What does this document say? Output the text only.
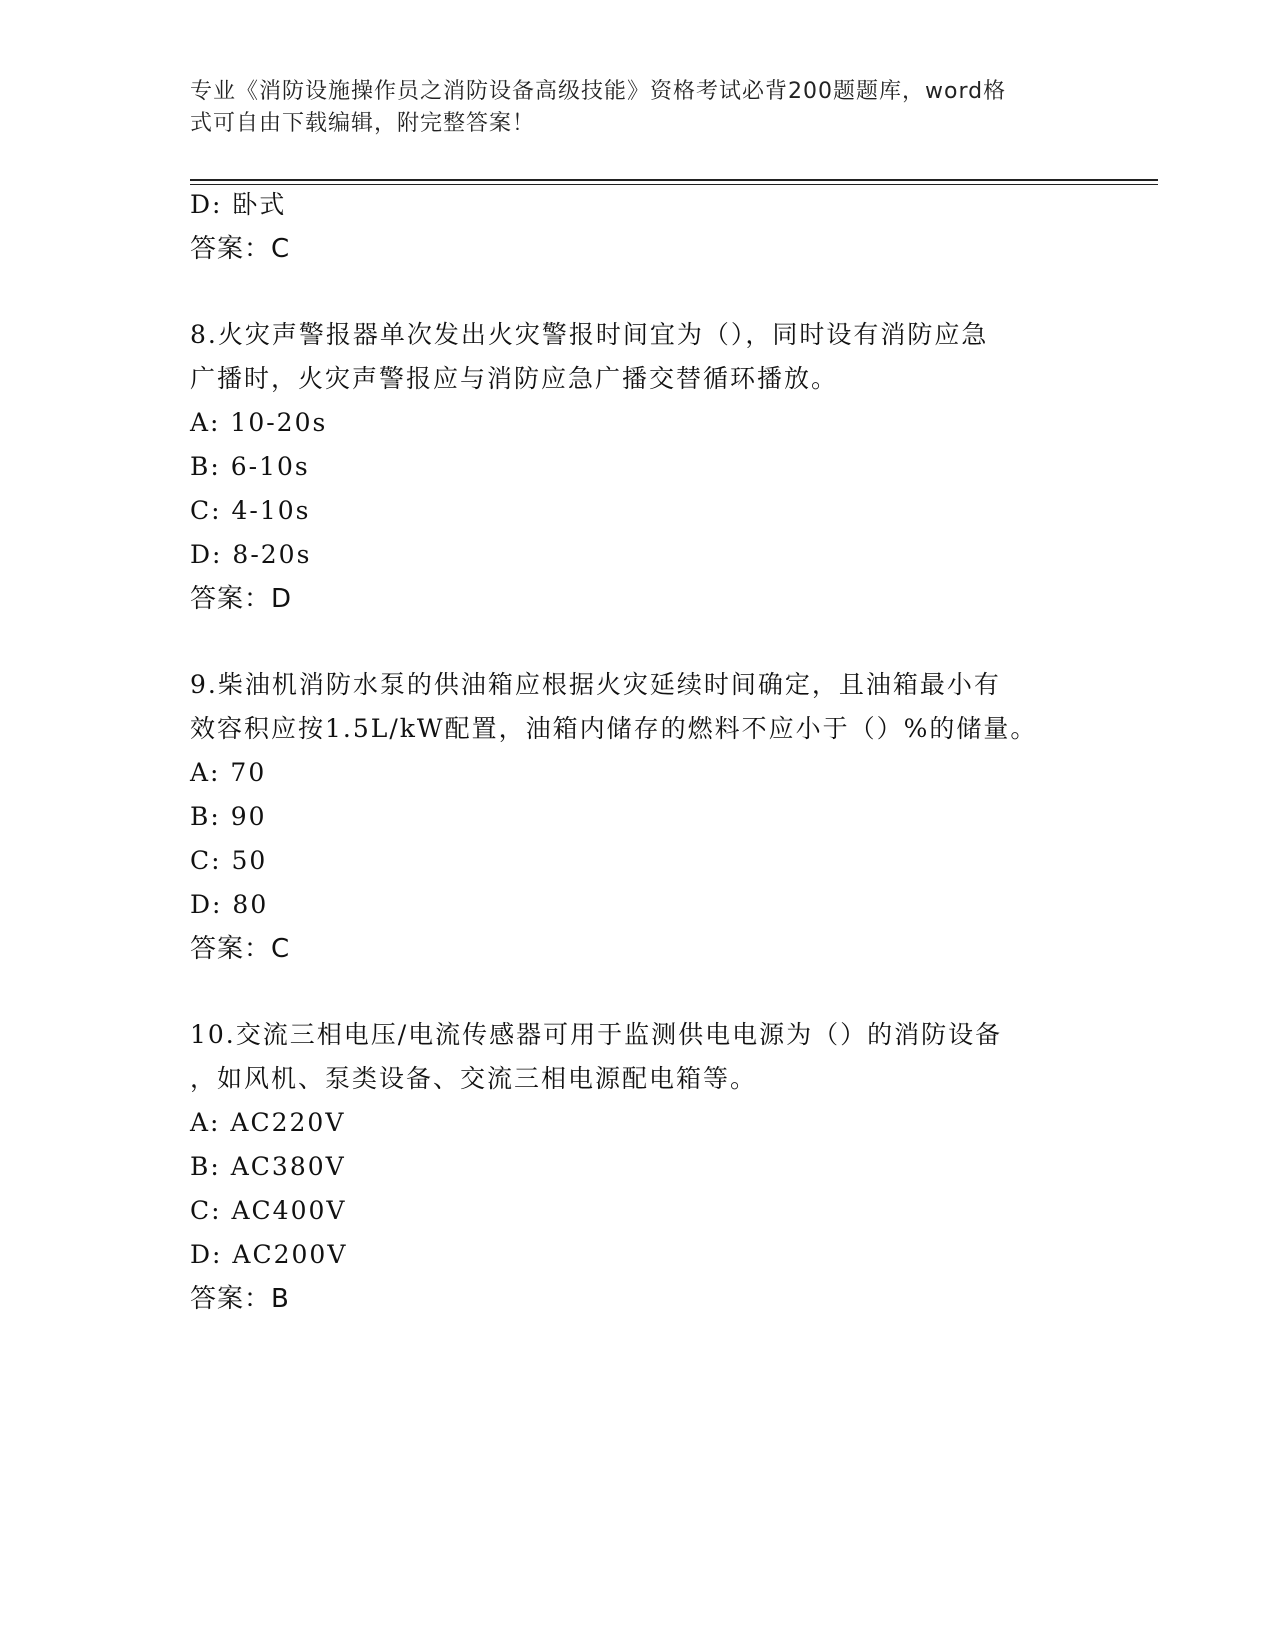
专业《消防设施操作员之消防设备高级技能》资格考试必背200题题库，word格
式可自由下载编辑，附完整答案！
D: 卧式
答案：C
8.火灾声警报器单次发出火灾警报时间宜为（），同时设有消防应急
广播时，火灾声警报应与消防应急广播交替循环播放。
A: 10-20s
B: 6-10s
C: 4-10s
D: 8-20s
答案：D
9.柴油机消防水泵的供油箱应根据火灾延续时间确定，且油箱最小有
效容积应按1.5L/kW配置，油箱内储存的燃料不应小于（）%的储量。
A: 70
B: 90
C: 50
D: 80
答案：C
10.交流三相电压/电流传感器可用于监测供电电源为（）的消防设备
，如风机、泵类设备、交流三相电源配电箱等。
A: AC220V
B: AC380V
C: AC400V
D: AC200V
答案：B
